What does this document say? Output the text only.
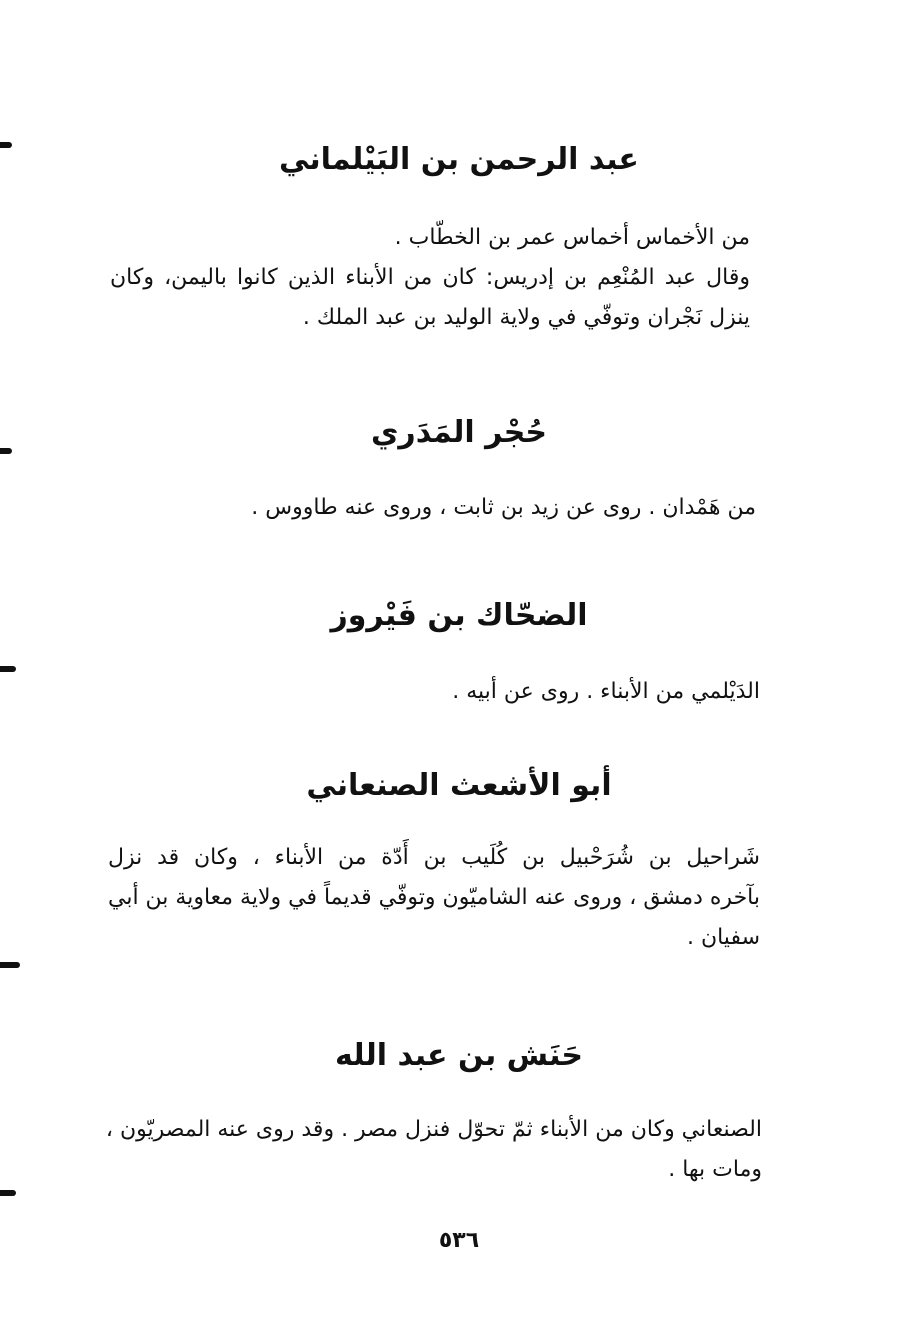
عبد الرحمن بن البَيْلماني
من الأخماس أخماس عمر بن الخطّاب .
وقال عبد المُنْعِم بن إدريس: كان من الأبناء الذين كانوا باليمن، وكان
ينزل نَجْران وتوفّي في ولاية الوليد بن عبد الملك .
حُجْر المَدَري
من هَمْدان . روى عن زيد بن ثابت ، وروى عنه طاووس .
الضحّاك بن فَيْروز
الدَيْلمي من الأبناء . روى عن أبيه .
أبو الأشعث الصنعاني
شَراحيل بن شُرَحْبيل بن كُلَيب بن أَدّة من الأبناء ، وكان قد نزل
بآخره دمشق ، وروى عنه الشاميّون وتوفّي قديماً في ولاية معاوية بن أبي
سفيان .
حَنَش بن عبد الله
الصنعاني وكان من الأبناء ثمّ تحوّل فنزل مصر . وقد روى عنه المصريّون ،
ومات بها .
٥٣٦
